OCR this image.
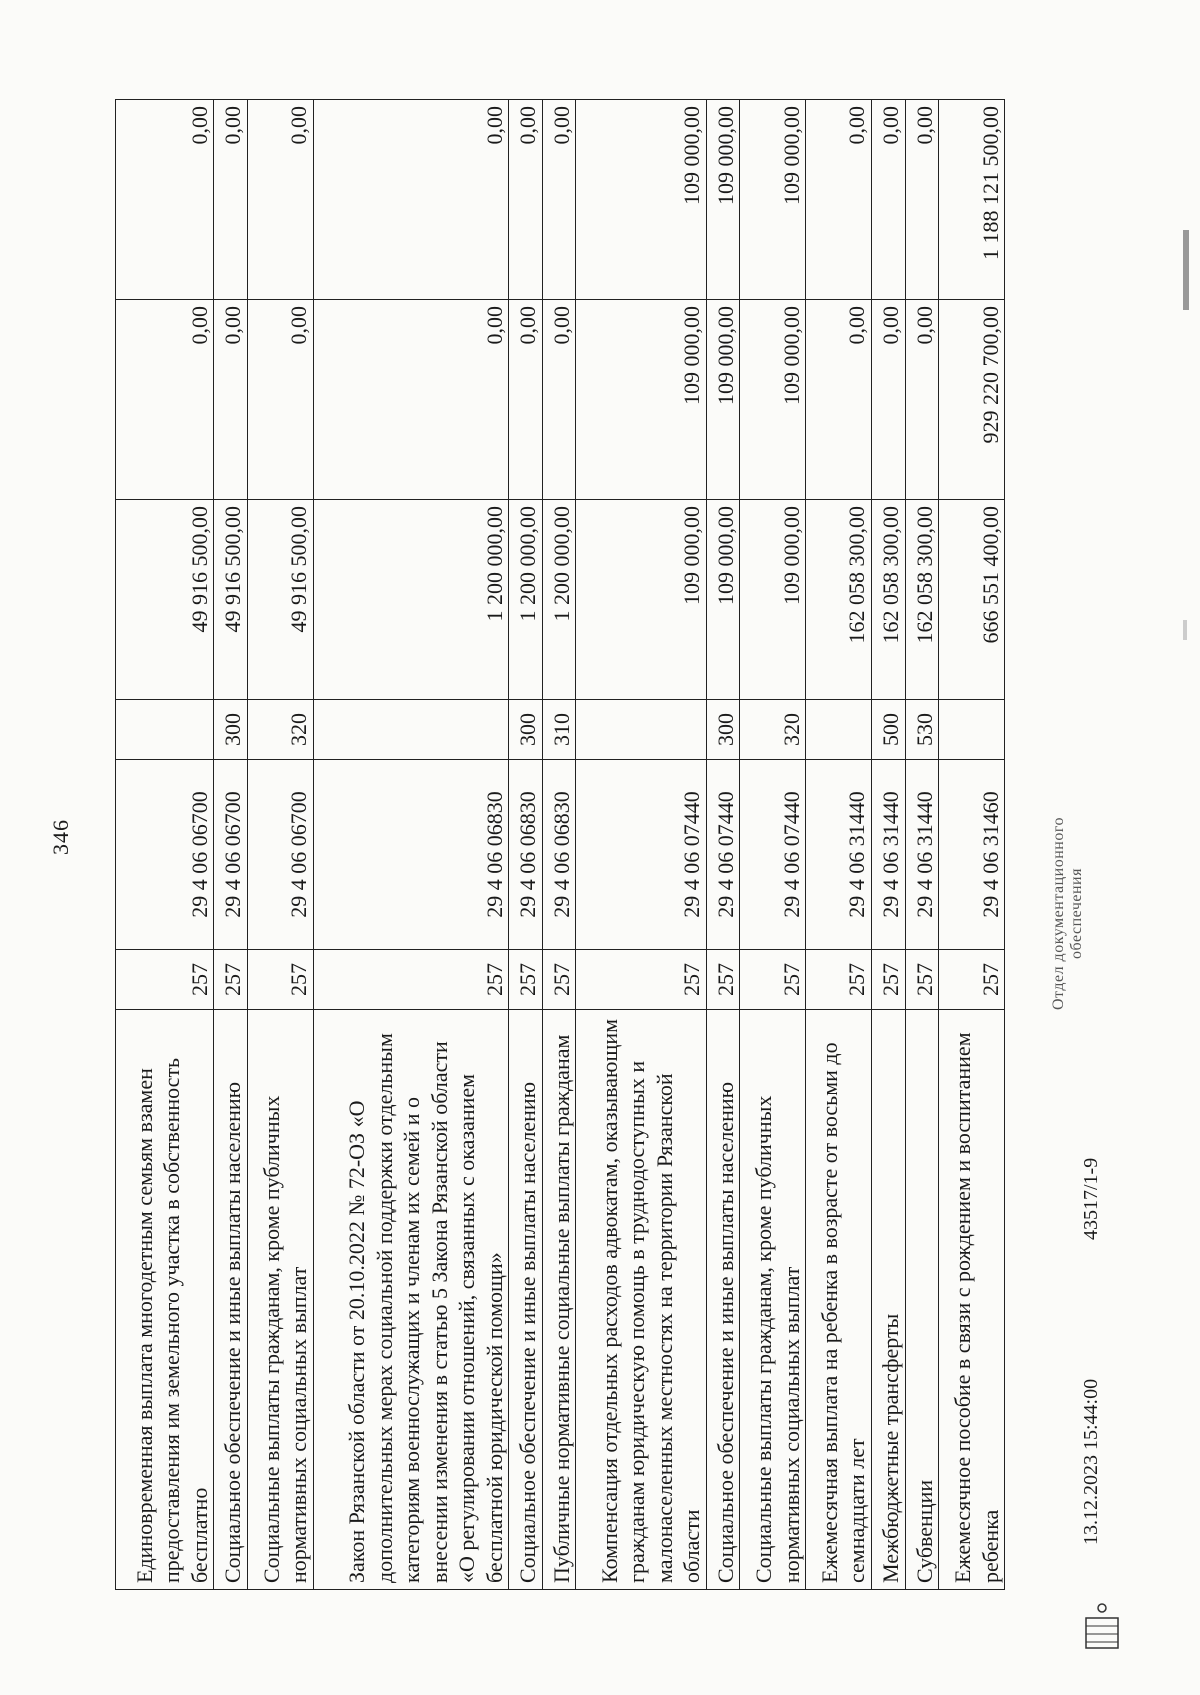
346
Единовременная выплата многодетным семьям взамен предоставления им земельного участка в собственность бесплатно	257	29 4 06 06700		49 916 500,00	0,00	0,00
Социальное обеспечение и иные выплаты населению	257	29 4 06 06700	300	49 916 500,00	0,00	0,00
Социальные выплаты гражданам, кроме публичных нормативных социальных выплат	257	29 4 06 06700	320	49 916 500,00	0,00	0,00
Закон Рязанской области от 20.10.2022 № 72-ОЗ «О дополнительных мерах социальной поддержки отдельным категориям военнослужащих и членам их семей и о внесении изменения в статью 5 Закона Рязанской области «О регулировании отношений, связанных с оказанием бесплатной юридической помощи»	257	29 4 06 06830		1 200 000,00	0,00	0,00
Социальное обеспечение и иные выплаты населению	257	29 4 06 06830	300	1 200 000,00	0,00	0,00
Публичные нормативные социальные выплаты гражданам	257	29 4 06 06830	310	1 200 000,00	0,00	0,00
Компенсация отдельных расходов адвокатам, оказывающим гражданам юридическую помощь в труднодоступных и малонаселенных местностях на территории Рязанской области	257	29 4 06 07440		109 000,00	109 000,00	109 000,00
Социальное обеспечение и иные выплаты населению	257	29 4 06 07440	300	109 000,00	109 000,00	109 000,00
Социальные выплаты гражданам, кроме публичных нормативных социальных выплат	257	29 4 06 07440	320	109 000,00	109 000,00	109 000,00
Ежемесячная выплата на ребенка в возрасте от восьми до семнадцати лет	257	29 4 06 31440		162 058 300,00	0,00	0,00
Межбюджетные трансферты	257	29 4 06 31440	500	162 058 300,00	0,00	0,00
Субвенции	257	29 4 06 31440	530	162 058 300,00	0,00	0,00
Ежемесячное пособие в связи с рождением и воспитанием ребенка	257	29 4 06 31460		666 551 400,00	929 220 700,00	1 188 121 500,00
13.12.2023 15:44:00
43517/1-9
Отдел документационного обеспечения
